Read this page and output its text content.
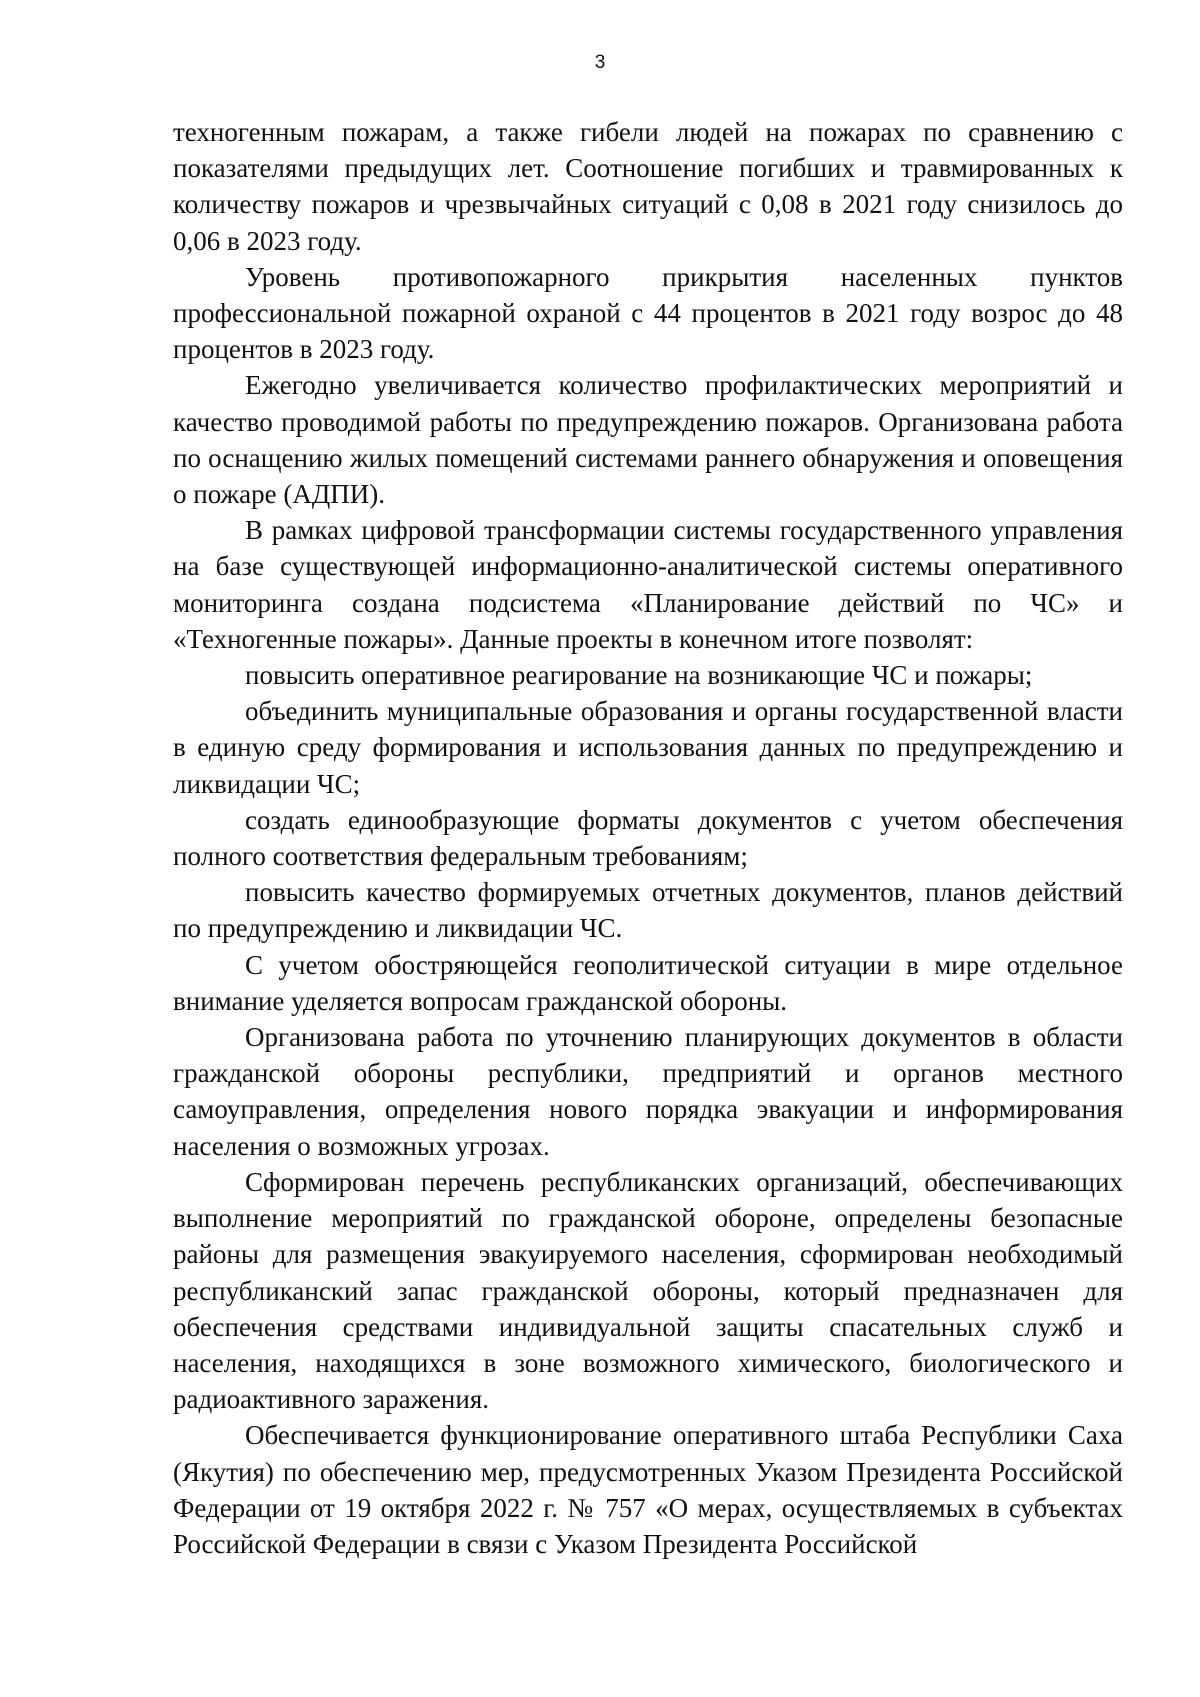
3

техногенным пожарам, а также гибели людей на пожарах по сравнению с показателями предыдущих лет. Соотношение погибших и травмированных к количеству пожаров и чрезвычайных ситуаций с 0,08 в 2021 году снизилось до 0,06 в 2023 году.

Уровень противопожарного прикрытия населенных пунктов профессиональной пожарной охраной с 44 процентов в 2021 году возрос до 48 процентов в 2023 году.

Ежегодно увеличивается количество профилактических мероприятий и качество проводимой работы по предупреждению пожаров. Организована работа по оснащению жилых помещений системами раннего обнаружения и оповещения о пожаре (АДПИ).

В рамках цифровой трансформации системы государственного управления на базе существующей информационно-аналитической системы оперативного мониторинга создана подсистема «Планирование действий по ЧС» и «Техногенные пожары». Данные проекты в конечном итоге позволят:

повысить оперативное реагирование на возникающие ЧС и пожары;

объединить муниципальные образования и органы государственной власти в единую среду формирования и использования данных по предупреждению и ликвидации ЧС;

создать единообразующие форматы документов с учетом обеспечения полного соответствия федеральным требованиям;

повысить качество формируемых отчетных документов, планов действий по предупреждению и ликвидации ЧС.

С учетом обостряющейся геополитической ситуации в мире отдельное внимание уделяется вопросам гражданской обороны.

Организована работа по уточнению планирующих документов в области гражданской обороны республики, предприятий и органов местного самоуправления, определения нового порядка эвакуации и информирования населения о возможных угрозах.

Сформирован перечень республиканских организаций, обеспечивающих выполнение мероприятий по гражданской обороне, определены безопасные районы для размещения эвакуируемого населения, сформирован необходимый республиканский запас гражданской обороны, который предназначен для обеспечения средствами индивидуальной защиты спасательных служб и населения, находящихся в зоне возможного химического, биологического и радиоактивного заражения.

Обеспечивается функционирование оперативного штаба Республики Саха (Якутия) по обеспечению мер, предусмотренных Указом Президента Российской Федерации от 19 октября 2022 г. № 757 «О мерах, осуществляемых в субъектах Российской Федерации в связи с Указом Президента Российской
